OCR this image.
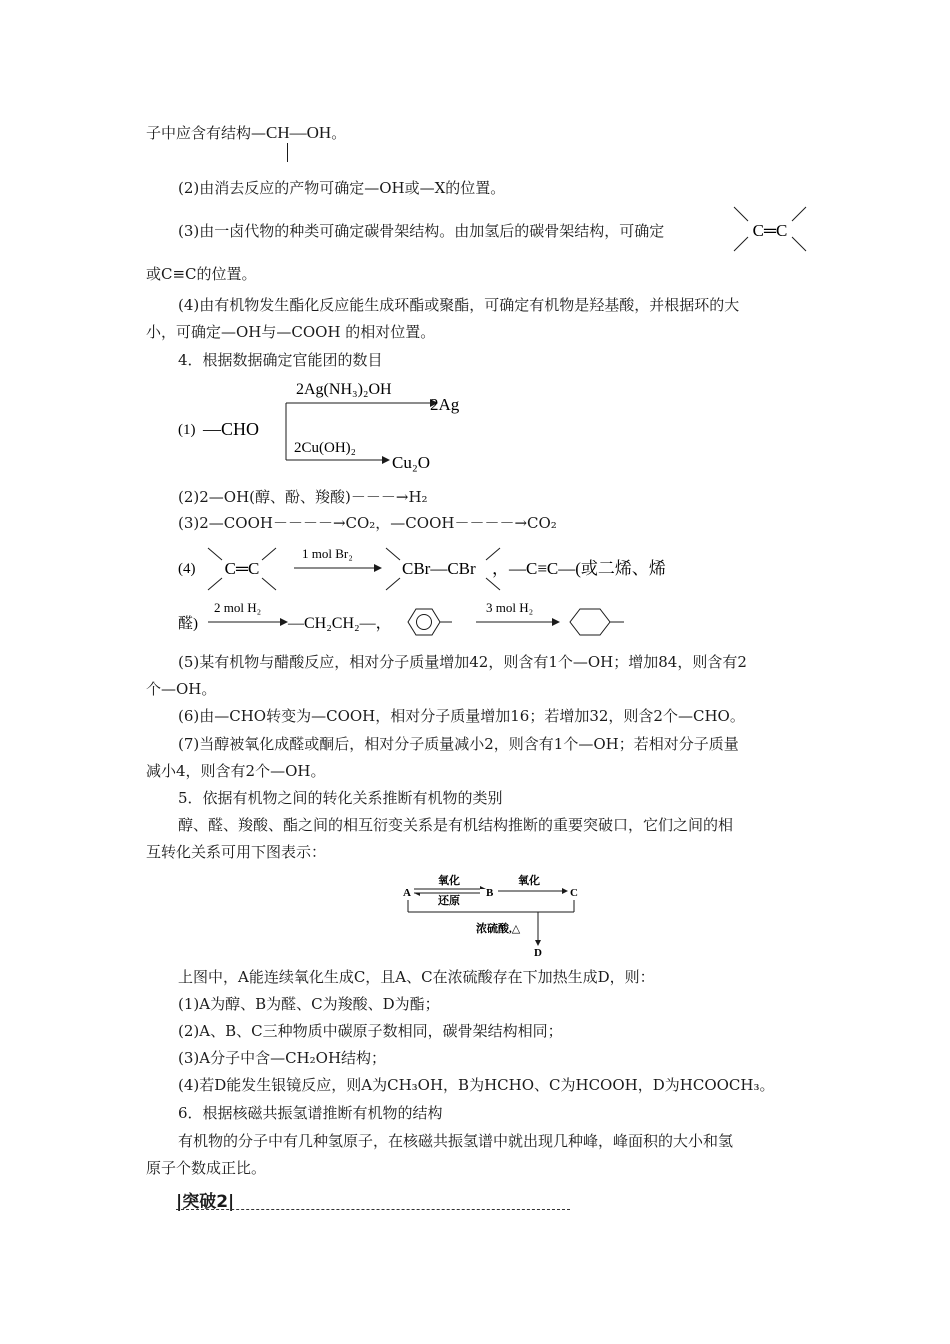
子中应含有结构—CH—OH。
(2)由消去反应的产物可确定—OH或—X的位置。
(3)由一卤代物的种类可确定碳骨架结构。由加氢后的碳骨架结构，可确定	C═C
或C≡C的位置。
(4)由有机物发生酯化反应能生成环酯或聚酯，可确定有机物是羟基酸，并根据环的大
小，可确定—OH与—COOH 的相对位置。
4．根据数据确定官能团的数目
(1) —CHO
2Ag(NH₃)₂OH
2Ag
2Cu(OH)₂
Cu₂O
(2)2—OH(醇、酚、羧酸)－－－→H₂
(3)2—COOH－－－－→CO₂，—COOH－－－－→CO₂
(4) C═C
1 mol Br₂
CBr—CBr ，—C≡C—(或二烯、烯
醛)
2 mol H₂
—CH₂CH₂—，
3 mol H₂
(5)某有机物与醋酸反应，相对分子质量增加42，则含有1个—OH；增加84，则含有2
个—OH。
(6)由—CHO转变为—COOH，相对分子质量增加16；若增加32，则含2个—CHO。
(7)当醇被氧化成醛或酮后，相对分子质量减小2，则含有1个—OH；若相对分子质量
减小4，则含有2个—OH。
5．依据有机物之间的转化关系推断有机物的类别
醇、醛、羧酸、酯之间的相互衍变关系是有机结构推断的重要突破口，它们之间的相
互转化关系可用下图表示：
A	B	C
D
氧化
还原
氧化
浓硫酸,△
上图中，A能连续氧化生成C，且A、C在浓硫酸存在下加热生成D，则：
(1)A为醇、B为醛、C为羧酸、D为酯；
(2)A、B、C三种物质中碳原子数相同，碳骨架结构相同；
(3)A分子中含—CH₂OH结构；
(4)若D能发生银镜反应，则A为CH₃OH，B为HCHO、C为HCOOH，D为HCOOCH₃。
6．根据核磁共振氢谱推断有机物的结构
有机物的分子中有几种氢原子，在核磁共振氢谱中就出现几种峰，峰面积的大小和氢
原子个数成正比。
|突破2|
